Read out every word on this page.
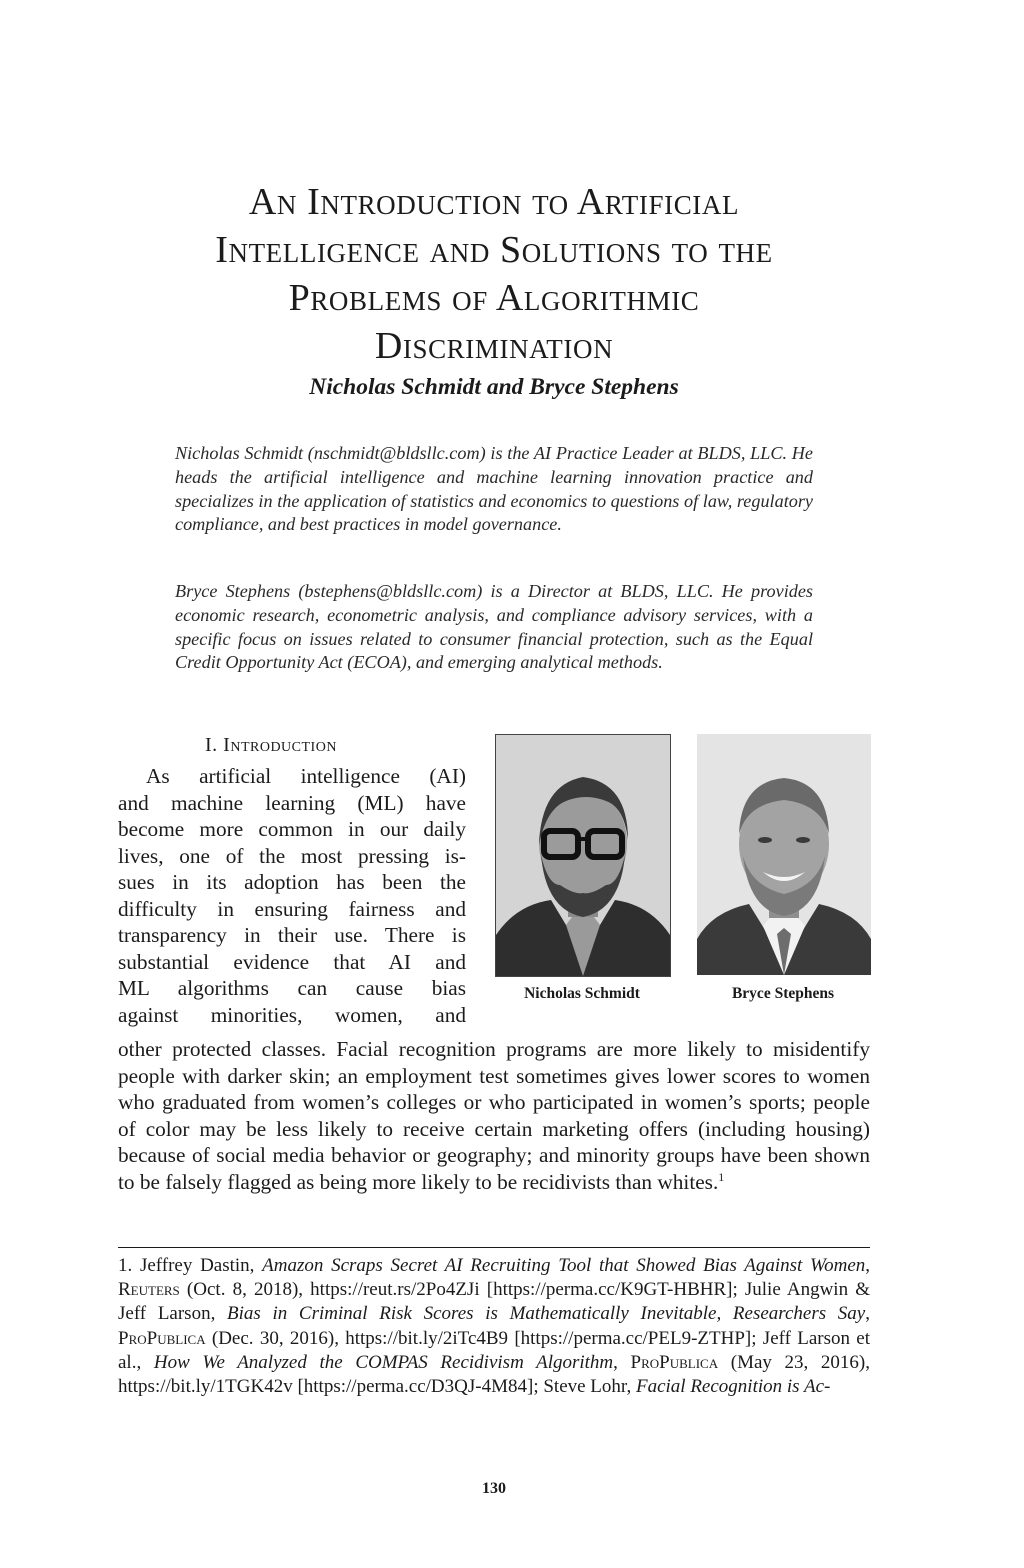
An Introduction to Artificial
Intelligence and Solutions to the
Problems of Algorithmic
Discrimination
Nicholas Schmidt and Bryce Stephens

Nicholas Schmidt (nschmidt@bldsllc.com) is the AI Practice Leader at BLDS, LLC. He heads the artificial intelligence and machine learning innovation practice and specializes in the application of statistics and economics to questions of law, regulatory compliance, and best practices in model governance.

Bryce Stephens (bstephens@bldsllc.com) is a Director at BLDS, LLC. He provides economic research, econometric analysis, and compliance advisory services, with a specific focus on issues related to consumer financial protection, such as the Equal Credit Opportunity Act (ECOA), and emerging analytical methods.

I. Introduction
As artificial intelligence (AI)
and machine learning (ML) have
become more common in our daily
lives, one of the most pressing is-
sues in its adoption has been the
difficulty in ensuring fairness and
transparency in their use. There is
substantial evidence that AI and
ML algorithms can cause bias
against minorities, women, and
Nicholas Schmidt	Bryce Stephens

other protected classes. Facial recognition programs are more likely to misidentify people with darker skin; an employment test sometimes gives lower scores to women who graduated from women’s colleges or who participated in women’s sports; people of color may be less likely to receive certain marketing offers (including housing) because of social media behavior or geography; and minority groups have been shown to be falsely flagged as being more likely to be recidivists than whites.$^1$

1. Jeffrey Dastin, Amazon Scraps Secret AI Recruiting Tool that Showed Bias Against Women, Reuters (Oct. 8, 2018), https://reut.rs/2Po4ZJi [https://perma.cc/K9GT-HBHR]; Julie Angwin & Jeff Larson, Bias in Criminal Risk Scores is Mathematically Inevitable, Researchers Say, ProPublica (Dec. 30, 2016), https://bit.ly/2iTc4B9 [https://perma.cc/PEL9-ZTHP]; Jeff Larson et al., How We Analyzed the COMPAS Recidivism Algorithm, ProPublica (May 23, 2016), https://bit.ly/1TGK42v [https://perma.cc/D3QJ-4M84]; Steve Lohr, Facial Recognition is Ac-

130
